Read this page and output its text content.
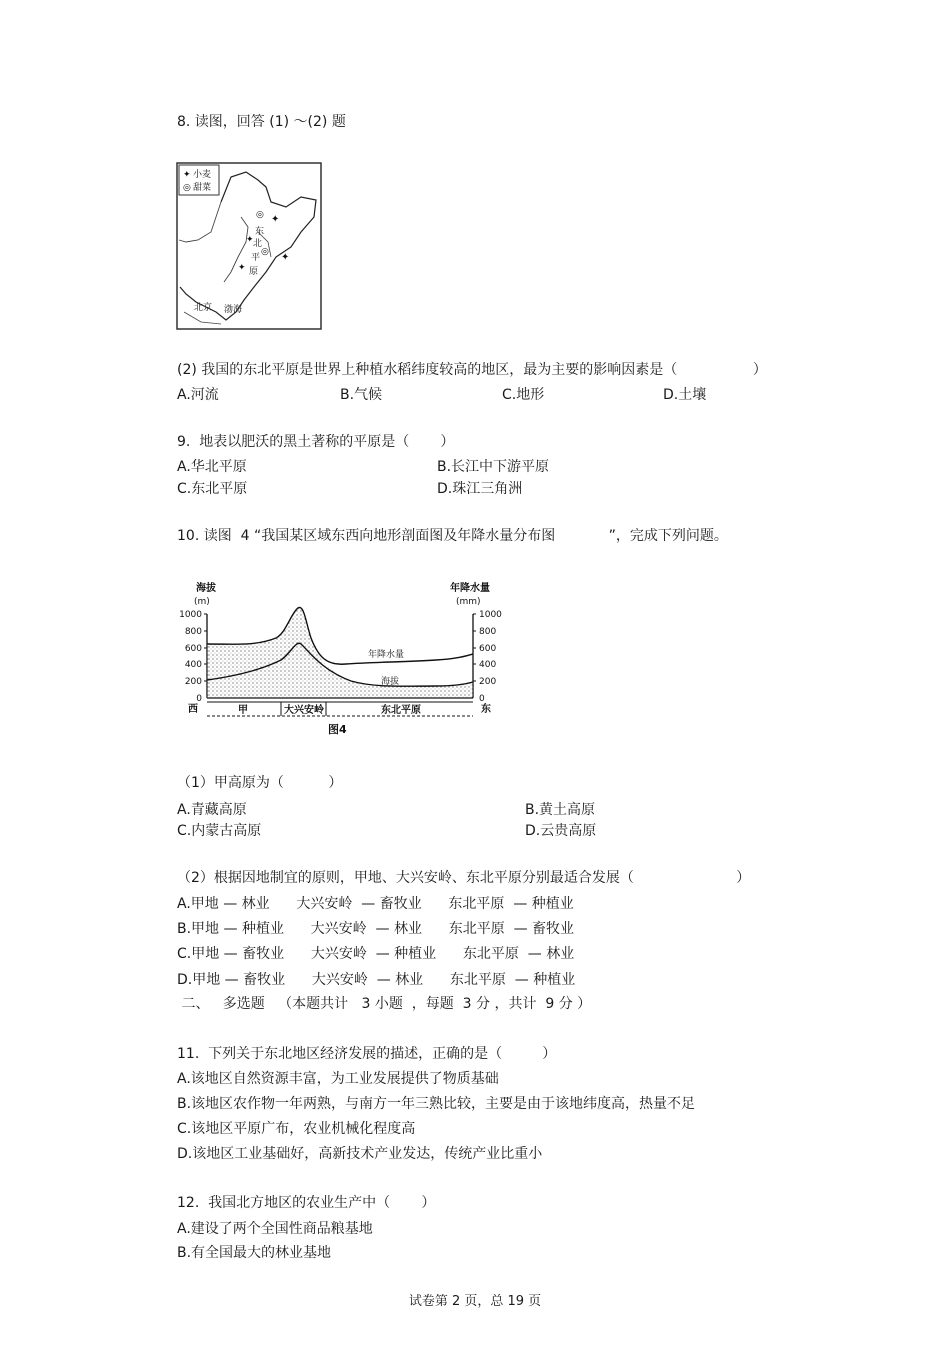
8. 读图，回答 (1) ～(2) 题
✦ 小麦
◎ 甜菜
✦
◎
✦
◎ ✦
✦
东
北
平
原
北京 渤海
(2) 我国的东北平原是世界上种植水稻纬度较高的地区，最为主要的影响因素是（                 ）
A.河流	B.气候	C.地形	D.土壤
9.  地表以肥沃的黑土著称的平原是（       ）
A.华北平原	B.长江中下游平原
C.东北平原	D.珠江三角洲
10. 读图  4 “我国某区域东西向地形剖面图及年降水量分布图            ”，完成下列问题。
海拔
(m)
年降水量
(mm)
1000
800
600
400
200
0
1000
800
600
400
200
0
年降水量
海拔
西	东
甲	大兴安岭	东北平原
图4
（1）甲高原为（          ）
A.青藏高原	B.黄土高原
C.内蒙古高原	D.云贵高原
（2）根据因地制宜的原则，甲地、大兴安岭、东北平原分别最适合发展（                       ）
A.甲地 — 林业      大兴安岭  — 畜牧业      东北平原  — 种植业
B.甲地 — 种植业      大兴安岭  — 林业      东北平原  — 畜牧业
C.甲地 — 畜牧业      大兴安岭  — 种植业      东北平原  — 林业
D.甲地 — 畜牧业      大兴安岭  — 林业      东北平原  — 种植业
二、   多选题   （本题共计   3 小题  ，每题  3 分 ，共计  9 分 ）
11.  下列关于东北地区经济发展的描述，正确的是（         ）
A.该地区自然资源丰富，为工业发展提供了物质基础
B.该地区农作物一年两熟，与南方一年三熟比较，主要是由于该地纬度高，热量不足
C.该地区平原广布，农业机械化程度高
D.该地区工业基础好，高新技术产业发达，传统产业比重小
12.  我国北方地区的农业生产中（       ）
A.建设了两个全国性商品粮基地
B.有全国最大的林业基地
试卷第 2 页，总 19 页
